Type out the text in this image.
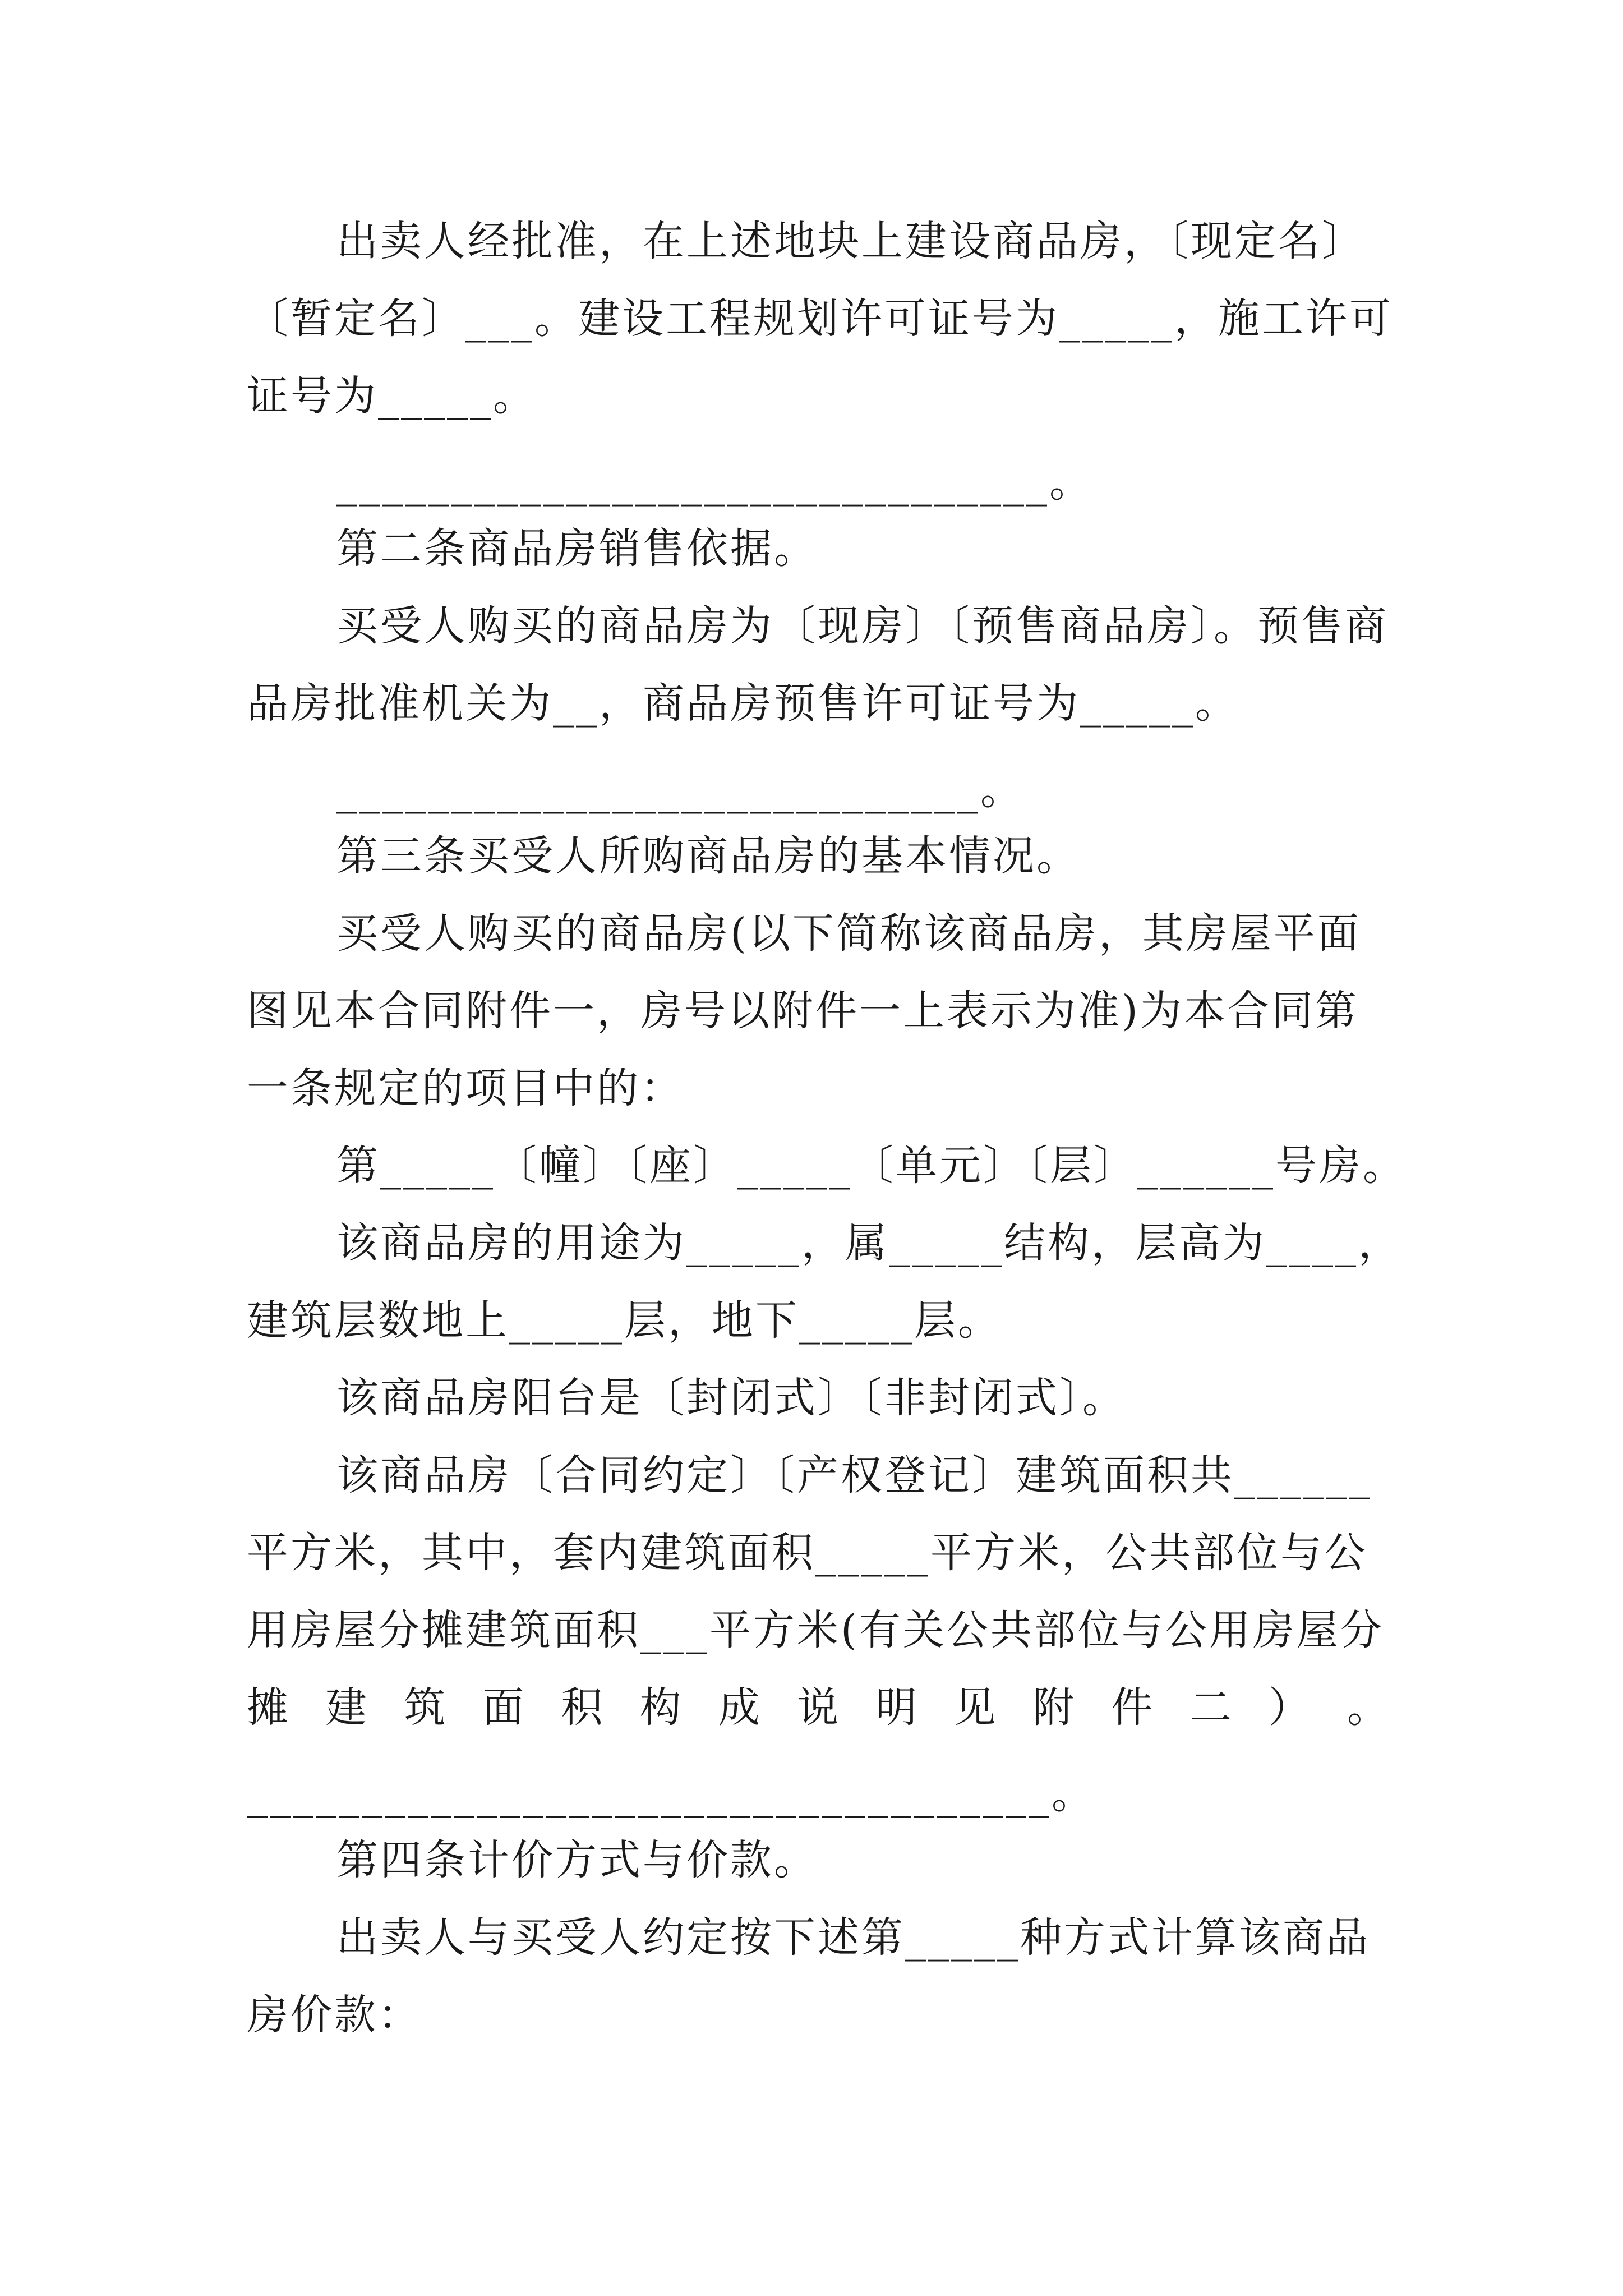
出卖人经批准，在上述地块上建设商品房，〔现定名〕
〔暂定名〕___。建设工程规划许可证号为_____，施工许可
证号为_____。
_______________________________。
第二条商品房销售依据。
买受人购买的商品房为〔现房〕〔预售商品房〕。预售商
品房批准机关为__，商品房预售许可证号为_____。
____________________________。
第三条买受人所购商品房的基本情况。
买受人购买的商品房(以下简称该商品房，其房屋平面
图见本合同附件一，房号以附件一上表示为准)为本合同第
一条规定的项目中的：
第_____〔幢〕〔座〕_____〔单元〕〔层〕______号房。
该商品房的用途为_____，属_____结构，层高为____，
建筑层数地上_____层，地下_____层。
该商品房阳台是〔封闭式〕〔非封闭式〕。
该商品房〔合同约定〕〔产权登记〕建筑面积共______
平方米，其中，套内建筑面积_____平方米，公共部位与公
用房屋分摊建筑面积___平方米(有关公共部位与公用房屋分
摊 建 筑 面 积 构 成 说 明 见 附 件 二 ） 。
___________________________________。
第四条计价方式与价款。
出卖人与买受人约定按下述第_____种方式计算该商品
房价款：
